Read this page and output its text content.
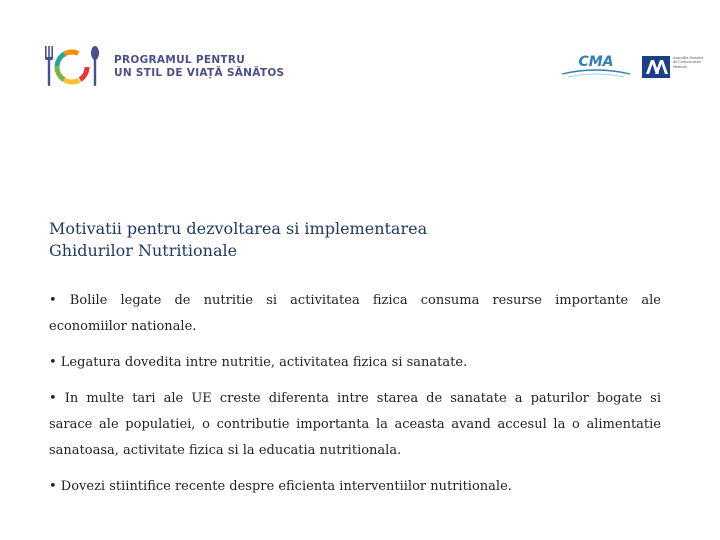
PROGRAMUL PENTRU
UN STIL DE VIAȚĂ SĂNĂTOS
CMA	Asociația Română
de Comunicatori
Medicali
Motivatii pentru dezvoltarea si implementarea
Ghidurilor Nutritionale
• Bolile legate de nutritie si activitatea fizica consuma resurse importante ale
economiilor nationale.
• Legatura dovedita intre nutritie, activitatea fizica si sanatate.
• In multe tari ale UE creste diferenta intre starea de sanatate a paturilor bogate si
sarace ale populatiei, o contributie importanta la aceasta avand accesul la o alimentatie
sanatoasa, activitate fizica si la educatia nutritionala.
• Dovezi stiintifice recente despre eficienta interventiilor nutritionale.
